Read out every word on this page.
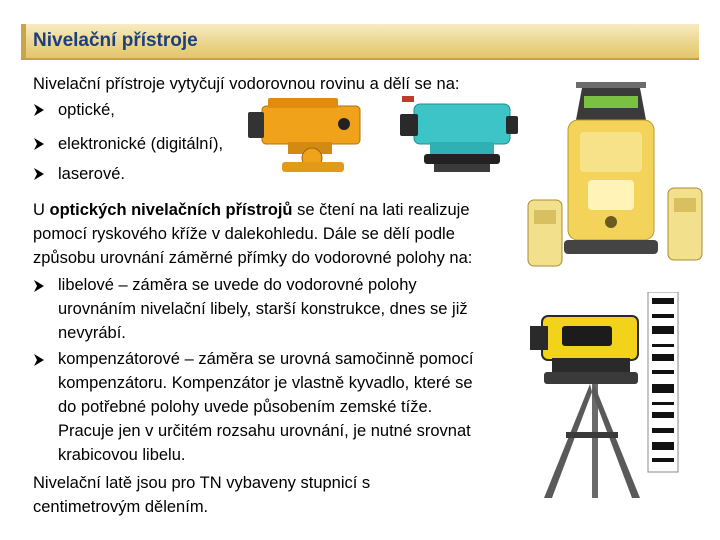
Nivelační přístroje
Nivelační přístroje vytyčují vodorovnou rovinu a dělí se na:
optické,
elektronické (digitální),
laserové.
U optických nivelačních přístrojů se čtení na lati realizuje
pomocí ryskového kříže v dalekohledu. Dále se dělí podle
způsobu urovnání záměrné přímky do vodorovné polohy na:
libelové – záměra se uvede do vodorovné polohy
urovnáním nivelační libely, starší konstrukce, dnes se již
nevyrábí.
kompenzátorové – záměra se urovná samočinně pomocí
kompenzátoru. Kompenzátor je vlastně kyvadlo, které se
do potřebné polohy uvede působením zemské tíže.
Pracuje jen v určitém rozsahu urovnání, je nutné srovnat
krabicovou libelu.
Nivelační latě jsou pro TN vybaveny stupnicí s
centimetrovým dělením.
